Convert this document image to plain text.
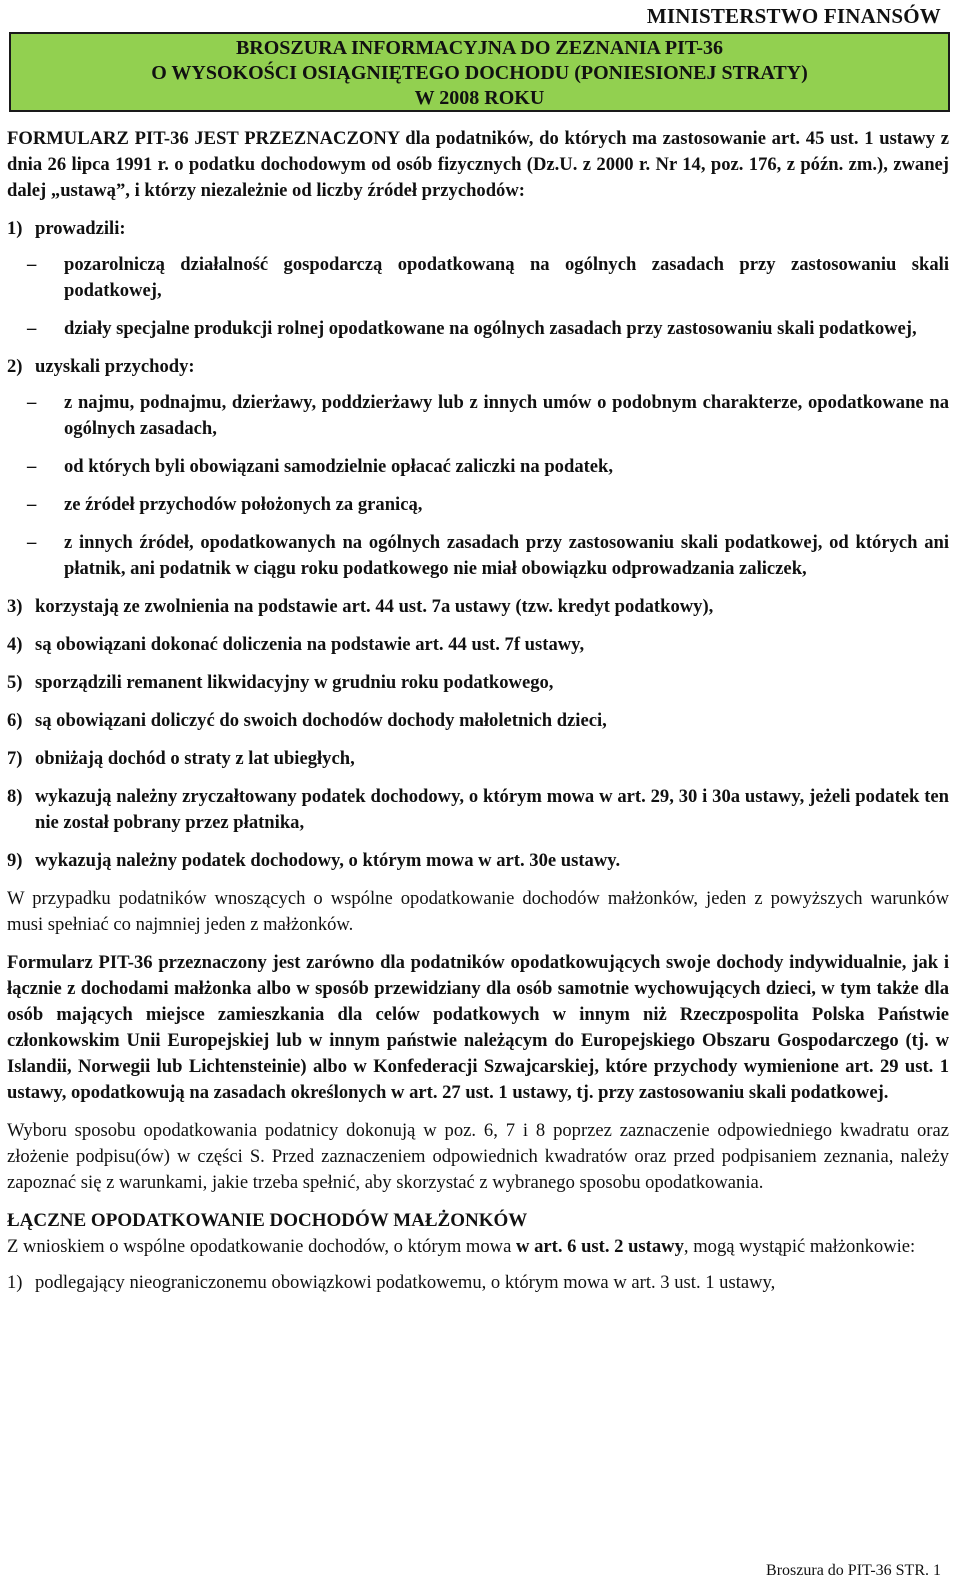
MINISTERSTWO FINANSÓW
BROSZURA INFORMACYJNA DO ZEZNANIA PIT-36
O WYSOKOŚCI OSIĄGNIĘTEGO DOCHODU (PONIESIONEJ STRATY)
W 2008 ROKU

FORMULARZ PIT-36 JEST PRZEZNACZONY dla podatników, do których ma zastosowanie art. 45 ust. 1 ustawy z dnia 26 lipca 1991 r. o podatku dochodowym od osób fizycznych (Dz.U. z 2000 r. Nr 14, poz. 176, z późn. zm.), zwanej dalej „ustawą”, i którzy niezależnie od liczby źródeł przychodów:

1) prowadzili:
–	pozarolniczą działalność gospodarczą opodatkowaną na ogólnych zasadach przy zastosowaniu skali podatkowej,
–	działy specjalne produkcji rolnej opodatkowane na ogólnych zasadach przy zastosowaniu skali podatkowej,
2) uzyskali przychody:
–	z najmu, podnajmu, dzierżawy, poddzierżawy lub z innych umów o podobnym charakterze, opodatkowane na ogólnych zasadach,
–	od których byli obowiązani samodzielnie opłacać zaliczki na podatek,
–	ze źródeł przychodów położonych za granicą,
–	z innych źródeł, opodatkowanych na ogólnych zasadach przy zastosowaniu skali podatkowej, od których ani płatnik, ani podatnik w ciągu roku podatkowego nie miał obowiązku odprowadzania zaliczek,
3) korzystają ze zwolnienia na podstawie art. 44 ust. 7a ustawy (tzw. kredyt podatkowy),
4) są obowiązani dokonać doliczenia na podstawie art. 44 ust. 7f ustawy,
5) sporządzili remanent likwidacyjny w grudniu roku podatkowego,
6) są obowiązani doliczyć do swoich dochodów dochody małoletnich dzieci,
7) obniżają dochód o straty z lat ubiegłych,
8) wykazują należny zryczałtowany podatek dochodowy, o którym mowa w art. 29, 30 i 30a ustawy, jeżeli podatek ten nie został pobrany przez płatnika,
9) wykazują należny podatek dochodowy, o którym mowa w art. 30e ustawy.

W przypadku podatników wnoszących o wspólne opodatkowanie dochodów małżonków, jeden z powyższych warunków musi spełniać co najmniej jeden z małżonków.

Formularz PIT-36 przeznaczony jest zarówno dla podatników opodatkowujących swoje dochody indywidualnie, jak i łącznie z dochodami małżonka albo w sposób przewidziany dla osób samotnie wychowujących dzieci, w tym także dla osób mających miejsce zamieszkania dla celów podatkowych w innym niż Rzeczpospolita Polska Państwie członkowskim Unii Europejskiej lub w innym państwie należącym do Europejskiego Obszaru Gospodarczego (tj. w Islandii, Norwegii lub Lichtensteinie) albo w Konfederacji Szwajcarskiej, które przychody wymienione art. 29 ust. 1 ustawy, opodatkowują na zasadach określonych w art. 27 ust. 1 ustawy, tj. przy zastosowaniu skali podatkowej.

Wyboru sposobu opodatkowania podatnicy dokonują w poz. 6, 7 i 8 poprzez zaznaczenie odpowiedniego kwadratu oraz złożenie podpisu(ów) w części S. Przed zaznaczeniem odpowiednich kwadratów oraz przed podpisaniem zeznania, należy zapoznać się z warunkami, jakie trzeba spełnić, aby skorzystać z wybranego sposobu opodatkowania.

ŁĄCZNE OPODATKOWANIE DOCHODÓW MAŁŻONKÓW

Z wnioskiem o wspólne opodatkowanie dochodów, o którym mowa w art. 6 ust. 2 ustawy, mogą wystąpić małżonkowie:

1) podlegający nieograniczonemu obowiązkowi podatkowemu, o którym mowa w art. 3 ust. 1 ustawy,
Broszura do PIT-36 STR. 1
